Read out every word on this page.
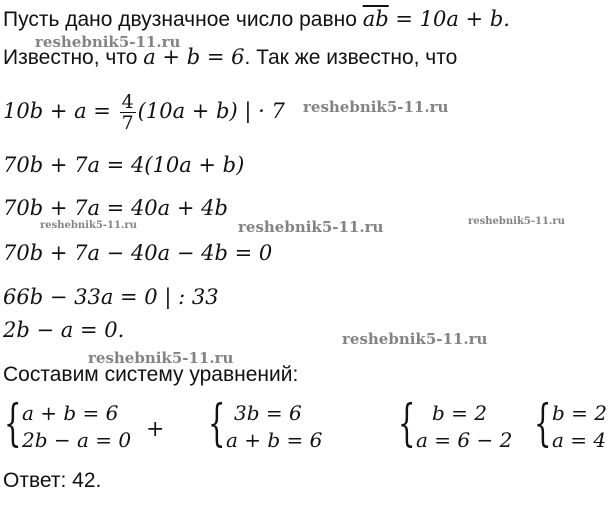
Пусть дано двузначное число равно $\overline{ab} = 10a + b$.
Известно, что a + b = 6. Так же известно, что
$10b + a = \frac{4}{7} (10a + b)$ | · 7
70b + 7a = 4(10a + b)
70b + 7a = 40a + 4b
70b + 7a − 40a − 4b = 0
66b − 33a = 0 | : 33
2b − a = 0.
Составим систему уравнений:
{ a + b = 6
2b − a = 0 + { 3b = 6
a + b = 6 { b = 2
a = 6 − 2 { b = 2
a = 4
Ответ: 42.
reshebnik5-11.ru
reshebnik5-11.ru
reshebnik5-11.ru	reshebnik5-11.ru	reshebnik5-11.ru
reshebnik5-11.ru
reshebnik5-11.ru
